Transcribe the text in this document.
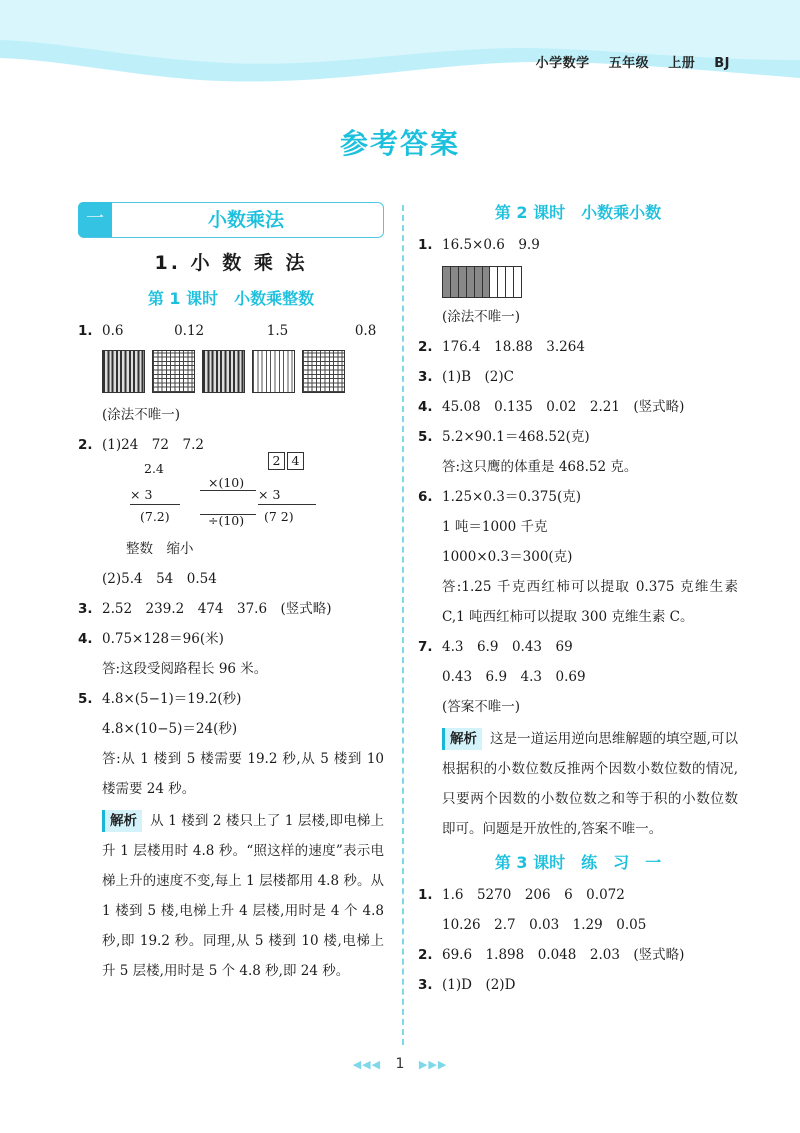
小学数学 五年级 上册 BJ
参考答案
一	小数乘法
1. 小 数 乘 法
第 1 课时　小数乘整数
1. 0.6	0.12	1.5	0.8
(涂法不唯一)
2. (1)24　72　7.2
2.4
2 4
×(10)
× 3	× 3
÷(10)
(7.2)	(7 2)
整数　缩小
(2)5.4　54　0.54
3. 2.52　239.2　474　37.6　(竖式略)
4. 0.75×128＝96(米)
答:这段受阅路程长 96 米。
5. 4.8×(5−1)＝19.2(秒)
4.8×(10−5)＝24(秒)
答:从 1 楼到 5 楼需要 19.2 秒,从 5 楼到 10 楼需要 24 秒。
解析 从 1 楼到 2 楼只上了 1 层楼,即电梯上升 1 层楼用时 4.8 秒。“照这样的速度”表示电梯上升的速度不变,每上 1 层楼都用 4.8 秒。从 1 楼到 5 楼,电梯上升 4 层楼,用时是 4 个 4.8 秒,即 19.2 秒。同理,从 5 楼到 10 楼,电梯上升 5 层楼,用时是 5 个 4.8 秒,即 24 秒。
第 2 课时　小数乘小数
1. 16.5×0.6　9.9
(涂法不唯一)
2. 176.4　18.88　3.264
3. (1)B　(2)C
4. 45.08　0.135　0.02　2.21　(竖式略)
5. 5.2×90.1＝468.52(克)
答:这只鹰的体重是 468.52 克。
6. 1.25×0.3＝0.375(克)
1 吨＝1000 千克
1000×0.3＝300(克)
答:1.25 千克西红柿可以提取 0.375 克维生素 C,1 吨西红柿可以提取 300 克维生素 C。
7. 4.3　6.9　0.43　69
0.43　6.9　4.3　0.69
(答案不唯一)
解析 这是一道运用逆向思维解题的填空题,可以根据积的小数位数反推两个因数小数位数的情况,只要两个因数的小数位数之和等于积的小数位数即可。问题是开放性的,答案不唯一。
第 3 课时　练　习　一
1. 1.6　5270　206　6　0.072
10.26　2.7　0.03　1.29　0.05
2. 69.6　1.898　0.048　2.03　(竖式略)
3. (1)D　(2)D
◀◀◀ 1 ▶▶▶
